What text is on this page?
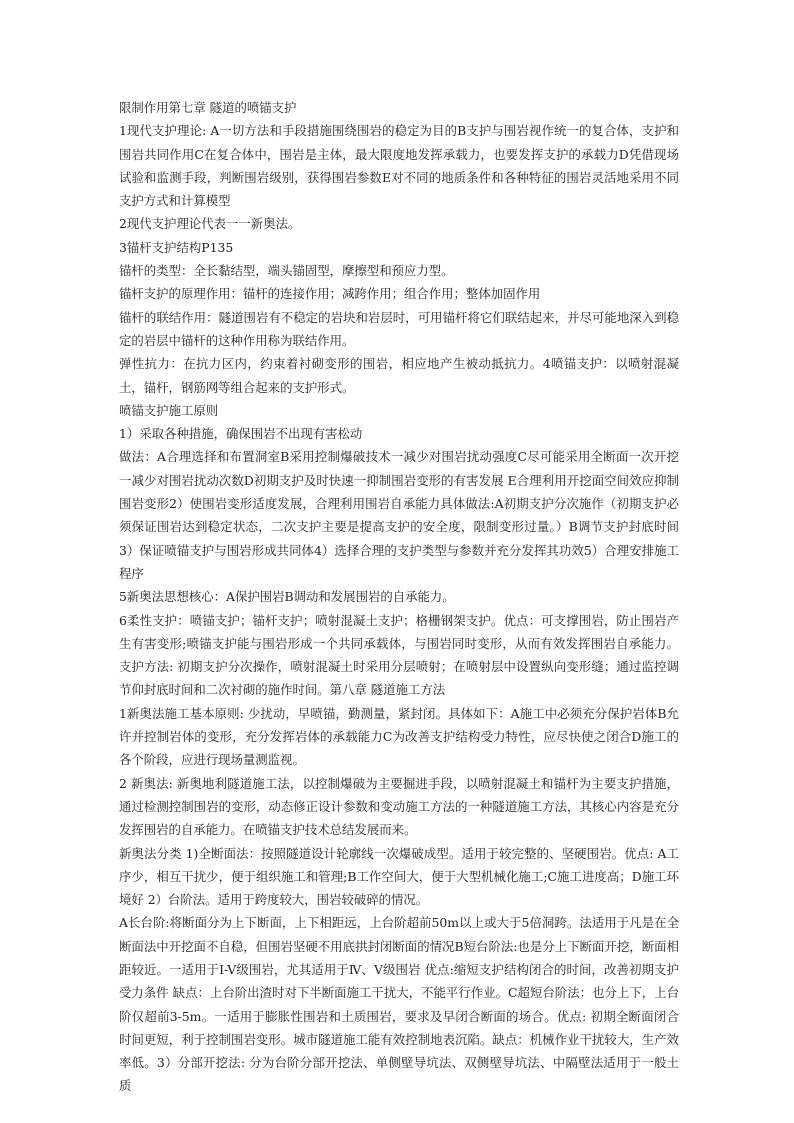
限制作用第七章 隧道的喷锚支护

1现代支护理论: A一切方法和手段措施围绕围岩的稳定为目的B支护与围岩视作统一的复合体，支护和围岩共同作用C在复合体中，围岩是主体，最大限度地发挥承载力，也要发挥支护的承载力D凭借现场试验和监测手段，判断围岩级别，获得围岩参数E对不同的地质条件和各种特征的围岩灵活地采用不同支护方式和计算模型

2现代支护理论代表一一新奥法。

3锚杆支护结构P135

锚杆的类型：全长黏结型，端头锚固型，摩擦型和预应力型。

锚杆支护的原理作用：锚杆的连接作用；减跨作用；组合作用；整体加固作用

锚杆的联结作用：隧道围岩有不稳定的岩块和岩层时，可用锚杆将它们联结起来，并尽可能地深入到稳定的岩层中锚杆的这种作用称为联结作用。

弹性抗力：在抗力区内，约束着衬砌变形的围岩，相应地产生被动抵抗力。4喷锚支护：以喷射混凝土，锚杆，钢筋网等组合起来的支护形式。

喷锚支护施工原则

1）采取各种措施，确保围岩不出现有害松动

做法：A合理选择和布置洞室B采用控制爆破技术一减少对围岩扰动强度C尽可能采用全断面一次开挖一减少对围岩扰动次数D初期支护及时快速一抑制围岩变形的有害发展 E合理利用开挖面空间效应抑制围岩变形2）使围岩变形适度发展，合理利用围岩自承能力具体做法:A初期支护分次施作（初期支护必须保证围岩达到稳定状态，二次支护主要是提高支护的安全度，限制变形过量。）B调节支护封底时间3）保证喷锚支护与围岩形成共同体4）选择合理的支护类型与参数并充分发挥其功效5）合理安排施工程序

5新奥法思想核心：A保护围岩B调动和发展围岩的自承能力。

6柔性支护：喷锚支护；锚杆支护；喷射混凝土支护；格栅钢架支护。优点：可支撑围岩，防止围岩产生有害变形;喷锚支护能与围岩形成一个共同承载体，与围岩同时变形，从而有效发挥围岩自承能力。支护方法: 初期支护分次操作，喷射混凝土时采用分层喷射；在喷射层中设置纵向变形缝；通过监控调节仰封底时间和二次衬砌的施作时间。第八章 隧道施工方法

1新奥法施工基本原则: 少扰动，早喷锚，勤测量，紧封闭。具体如下：A施工中必须充分保护岩体B允许并控制岩体的变形，充分发挥岩体的承载能力C为改善支护结构受力特性，应尽快使之闭合D施工的各个阶段，应进行现场量测监视。

2 新奥法: 新奥地利隧道施工法，以控制爆破为主要掘进手段，以喷射混凝土和锚杆为主要支护措施，通过检测控制围岩的变形，动态修正设计参数和变动施工方法的一种隧道施工方法，其核心内容是充分发挥围岩的自承能力。在喷锚支护技术总结发展而来。

新奥法分类 1)全断面法：按照隧道设计轮廓线一次爆破成型。适用于较完整的、坚硬围岩。优点: A工序少，相互干扰少，便于组织施工和管理;B工作空间大，便于大型机械化施工;C施工进度高；D施工环境好 2）台阶法。适用于跨度较大，围岩较破碎的情况。

A长台阶:将断面分为上下断面，上下相距远，上台阶超前50m以上或大于5倍洞跨。法适用于凡是在全断面法中开挖面不自稳，但围岩坚硬不用底拱封闭断面的情况B短台阶法:也是分上下断面开挖，断面相距较近。一适用于I-V级围岩，尤其适用于Ⅳ、Ⅴ级围岩 优点:缩短支护结构闭合的时间，改善初期支护受力条件 缺点：上台阶出渣时对下半断面施工干扰大，不能平行作业。C超短台阶法：也分上下，上台阶仅超前3-5m。一适用于膨胀性围岩和土质围岩，要求及早闭合断面的场合。优点: 初期全断面闭合时间更短，利于控制围岩变形。城市隧道施工能有效控制地表沉陷。缺点：机械作业干扰较大，生产效率低。3）分部开挖法: 分为台阶分部开挖法、单侧壁导坑法、双侧壁导坑法、中隔壁法适用于一般土质
